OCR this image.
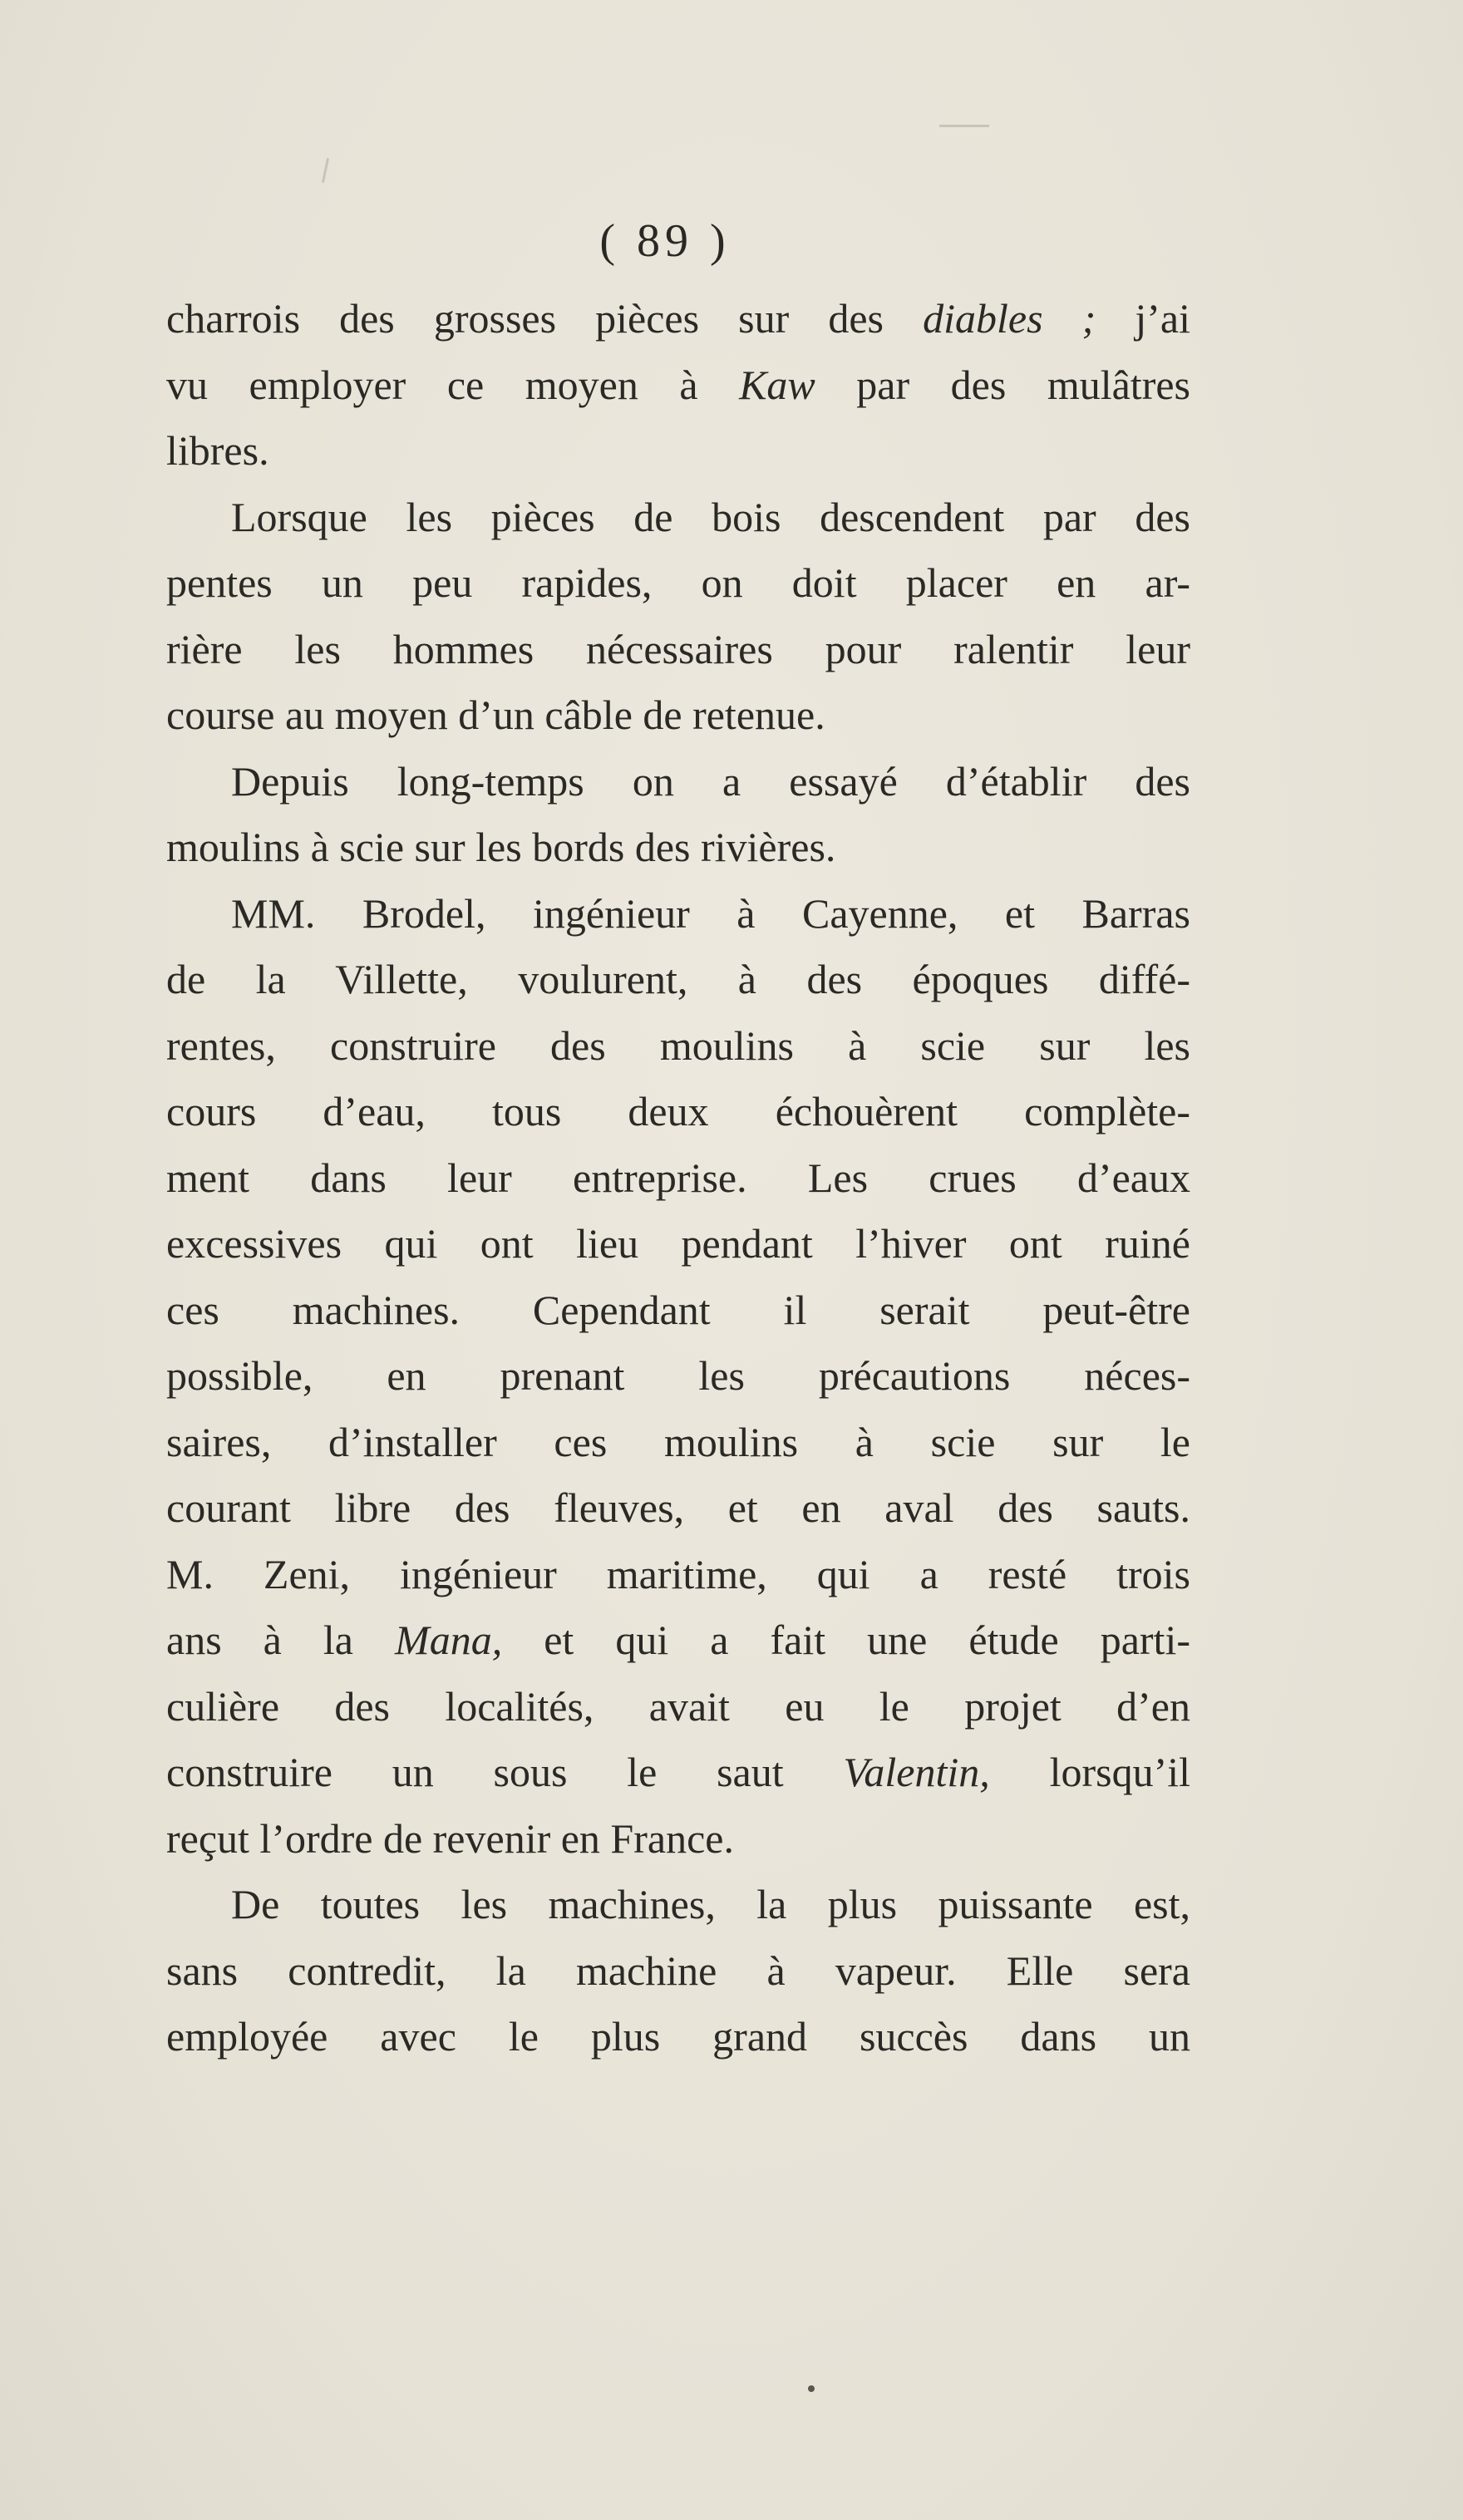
( 89 )
charrois des grosses pièces sur des diables ; j’ai
vu employer ce moyen à Kaw par des mulâtres
libres.
Lorsque les pièces de bois descendent par des
pentes un peu rapides, on doit placer en ar-
rière les hommes nécessaires pour ralentir leur
course au moyen d’un câble de retenue.
Depuis long-temps on a essayé d’établir des
moulins à scie sur les bords des rivières.
MM. Brodel, ingénieur à Cayenne, et Barras
de la Villette, voulurent, à des époques diffé-
rentes, construire des moulins à scie sur les
cours d’eau, tous deux échouèrent complète-
ment dans leur entreprise. Les crues d’eaux
excessives qui ont lieu pendant l’hiver ont ruiné
ces machines. Cependant il serait peut-être
possible, en prenant les précautions néces-
saires, d’installer ces moulins à scie sur le
courant libre des fleuves, et en aval des sauts.
M. Zeni, ingénieur maritime, qui a resté trois
ans à la Mana, et qui a fait une étude parti-
culière des localités, avait eu le projet d’en
construire un sous le saut Valentin, lorsqu’il
reçut l’ordre de revenir en France.
De toutes les machines, la plus puissante est,
sans contredit, la machine à vapeur. Elle sera
employée avec le plus grand succès dans un
